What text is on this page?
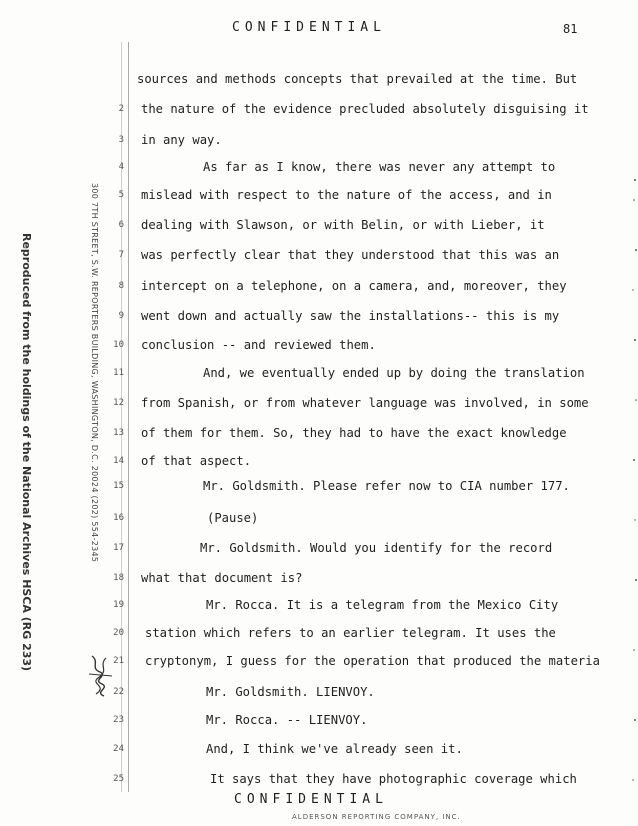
CONFIDENTIAL	81
Reproduced from the holdings of the National Archives HSCA (RG 233)	300 7TH STREET, S.W. REPORTERS BUILDING, WASHINGTON, D.C. 20024 (202) 554-2345
sources and methods concepts that prevailed at the time. But
2 the nature of the evidence precluded absolutely disguising it
3 in any way.
4	As far as I know, there was never any attempt to
5 mislead with respect to the nature of the access, and in
6 dealing with Slawson, or with Belin, or with Lieber, it
7 was perfectly clear that they understood that this was an
8 intercept on a telephone, on a camera, and, moreover, they
9 went down and actually saw the installations-- this is my
10 conclusion -- and reviewed them.
11	And, we eventually ended up by doing the translation
12 from Spanish, or from whatever language was involved, in some
13 of them for them. So, they had to have the exact knowledge
14 of that aspect.
15	Mr. Goldsmith. Please refer now to CIA number 177.
16	(Pause)
17	Mr. Goldsmith. Would you identify for the record
18 what that document is?
19	Mr. Rocca. It is a telegram from the Mexico City
20 station which refers to an earlier telegram. It uses the
21 cryptonym, I guess for the operation that produced the materia
22	Mr. Goldsmith. LIENVOY.
23	Mr. Rocca. -- LIENVOY.
24	And, I think we've already seen it.
25	It says that they have photographic coverage which
CONFIDENTIAL
ALDERSON REPORTING COMPANY, INC.
